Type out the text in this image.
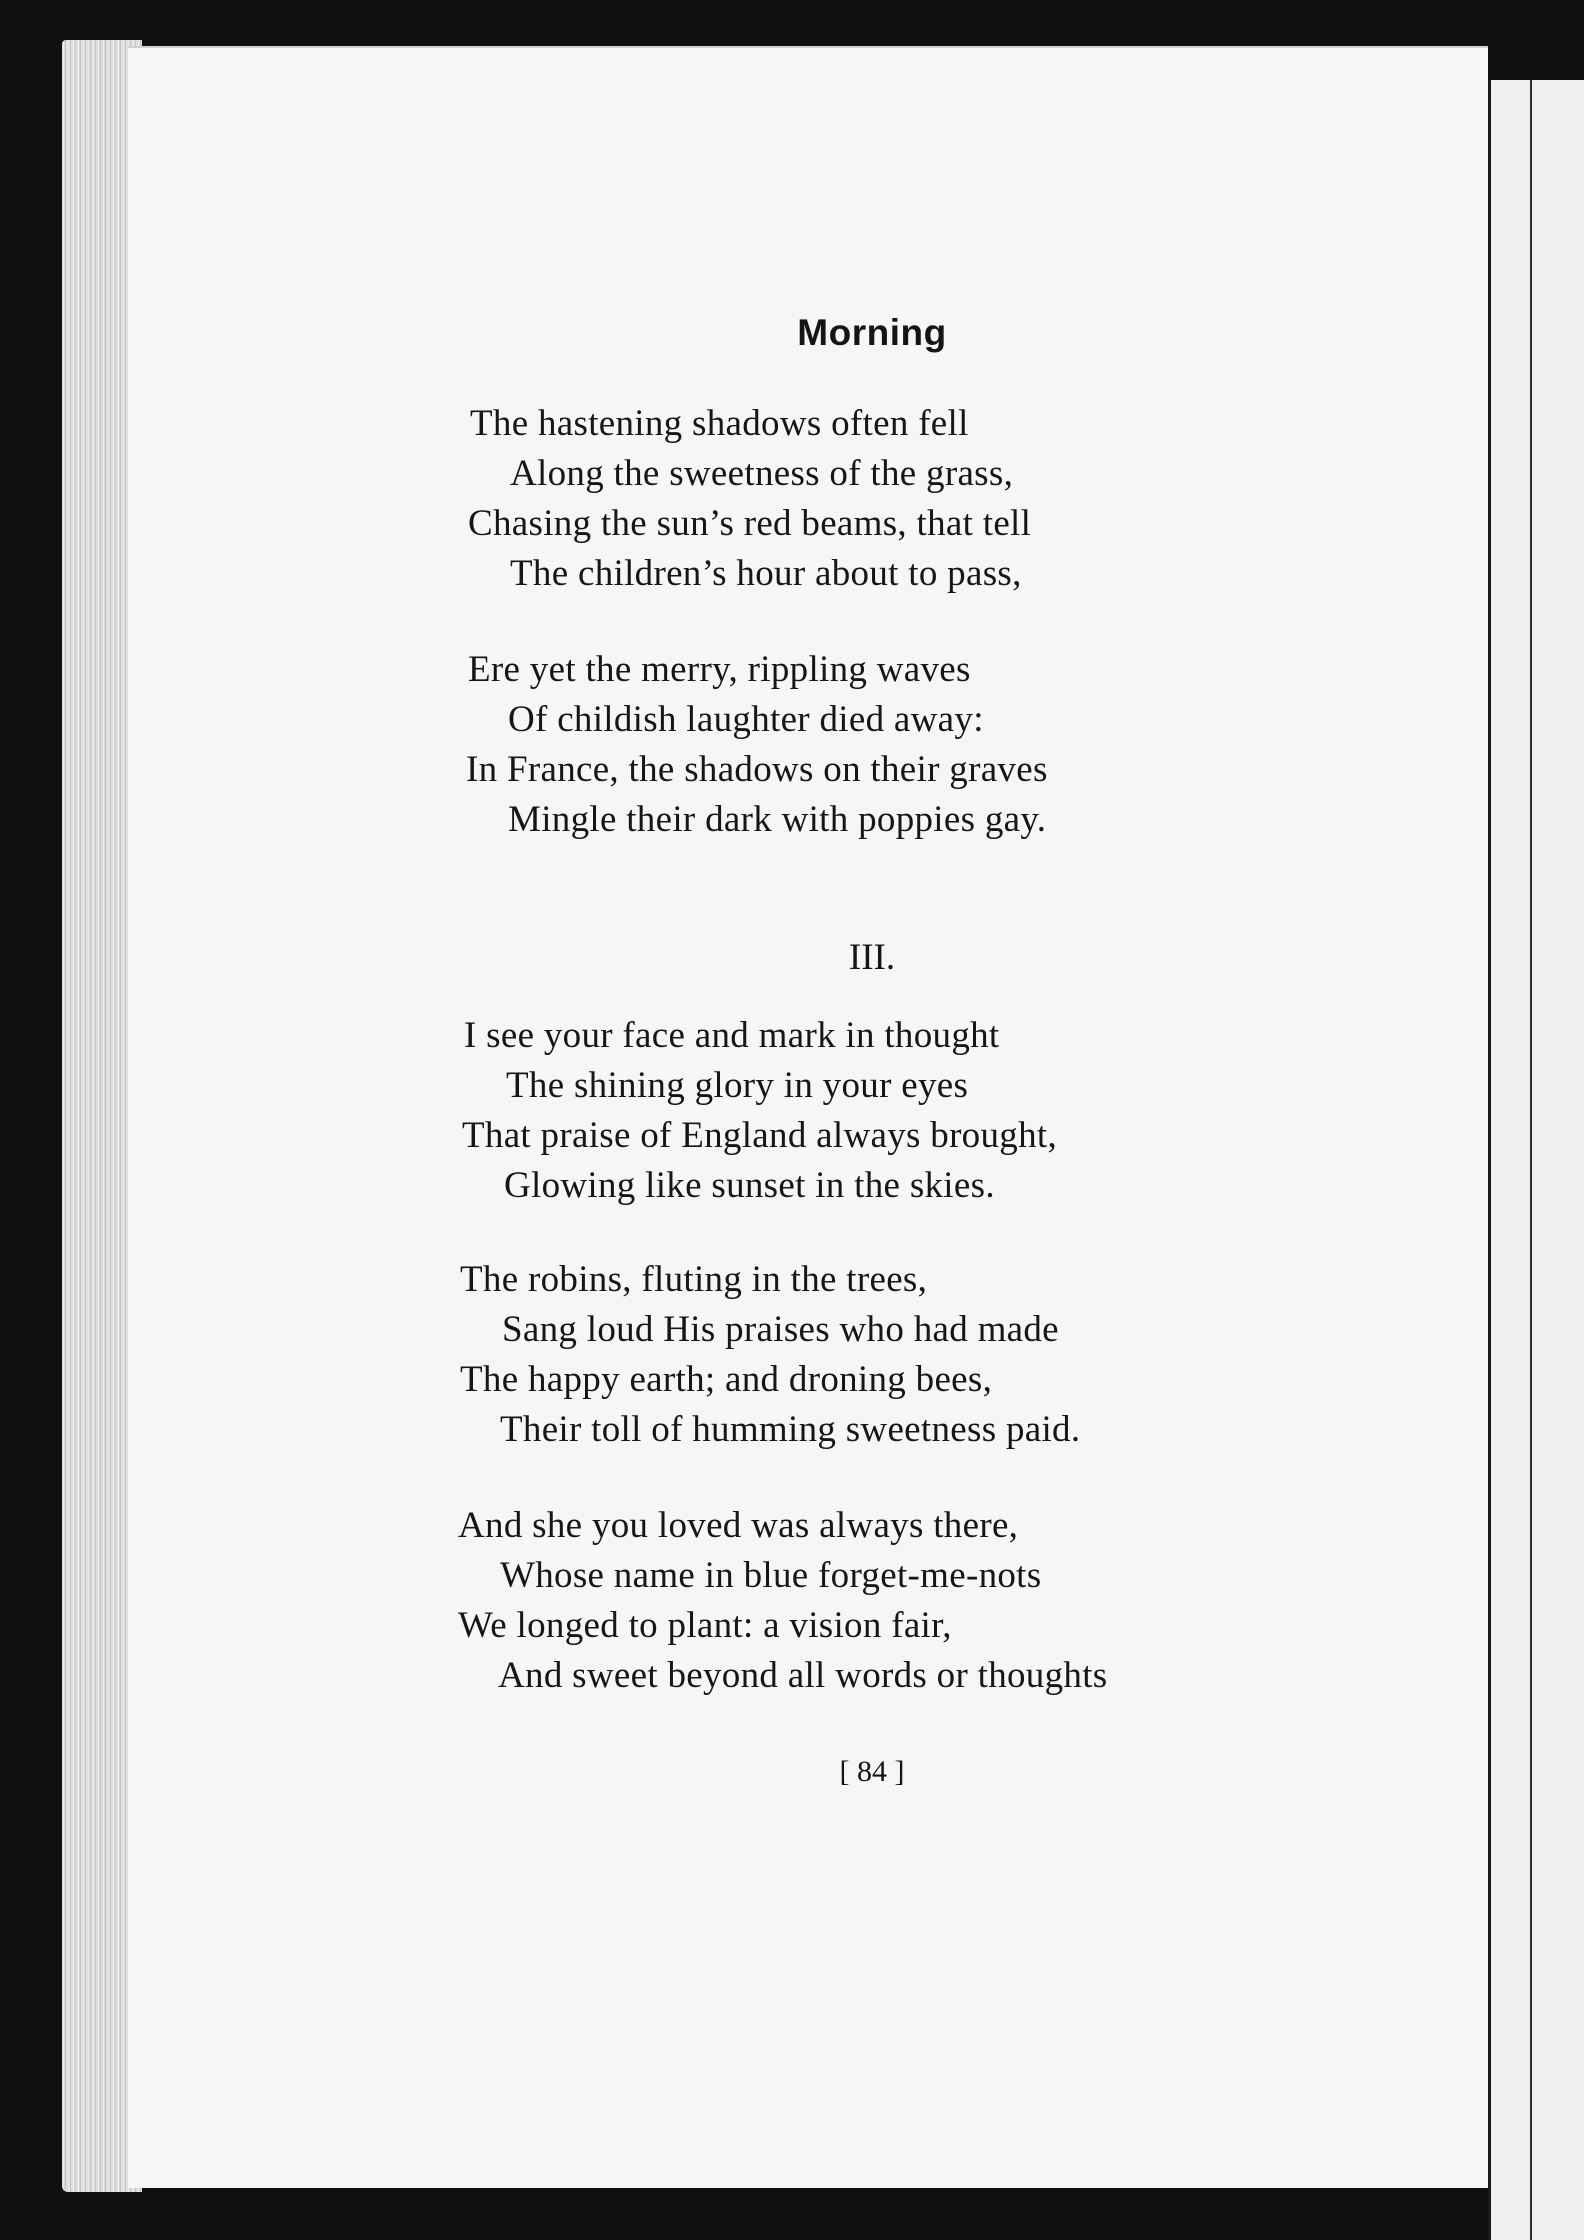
Morning
The hastening shadows often fell
Along the sweetness of the grass,
Chasing the sun’s red beams, that tell
The children’s hour about to pass,
Ere yet the merry, rippling waves
Of childish laughter died away:
In France, the shadows on their graves
Mingle their dark with poppies gay.
III.
I see your face and mark in thought
The shining glory in your eyes
That praise of England always brought,
Glowing like sunset in the skies.
The robins, fluting in the trees,
Sang loud His praises who had made
The happy earth; and droning bees,
Their toll of humming sweetness paid.
And she you loved was always there,
Whose name in blue forget-me-nots
We longed to plant: a vision fair,
And sweet beyond all words or thoughts
[ 84 ]
